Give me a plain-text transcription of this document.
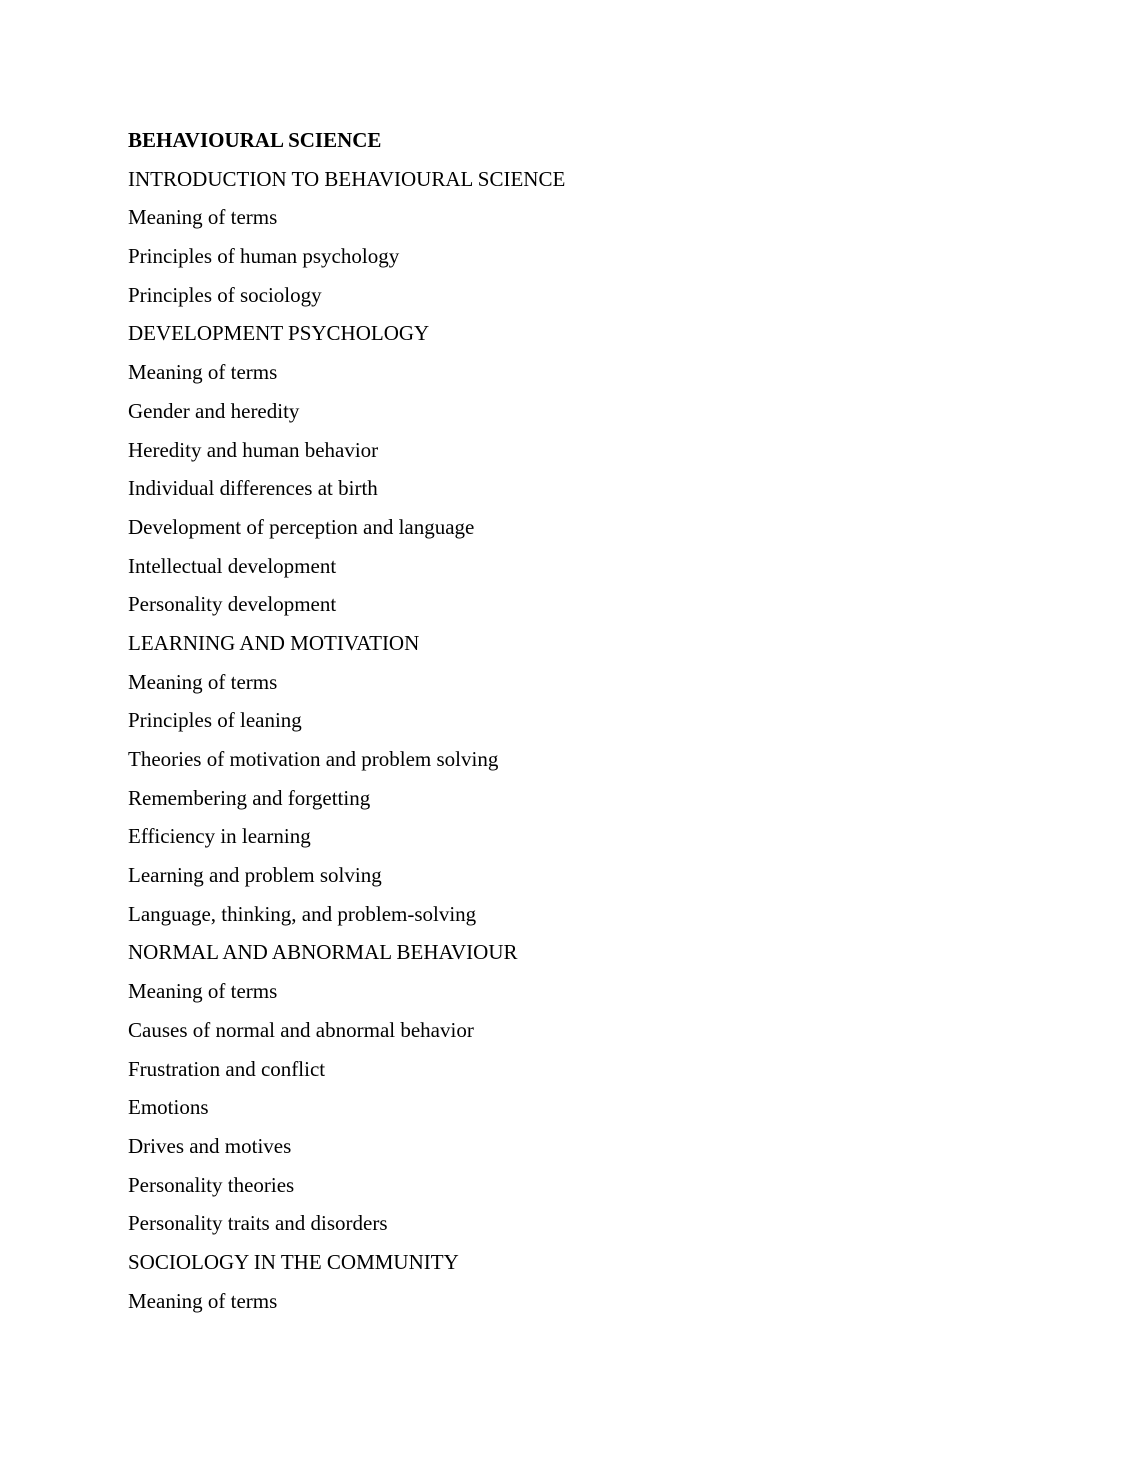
BEHAVIOURAL SCIENCE
INTRODUCTION TO BEHAVIOURAL SCIENCE
Meaning of terms
Principles of human psychology
Principles of sociology
DEVELOPMENT PSYCHOLOGY
Meaning of terms
Gender and heredity
Heredity and human behavior
Individual differences at birth
Development of perception and language
Intellectual development
Personality development
LEARNING AND MOTIVATION
Meaning of terms
Principles of leaning
Theories of motivation and problem solving
Remembering and forgetting
Efficiency in learning
Learning and problem solving
Language, thinking, and problem-solving
NORMAL AND ABNORMAL BEHAVIOUR
Meaning of terms
Causes of normal and abnormal behavior
Frustration and conflict
Emotions
Drives and motives
Personality theories
Personality traits and disorders
SOCIOLOGY IN THE COMMUNITY
Meaning of terms
